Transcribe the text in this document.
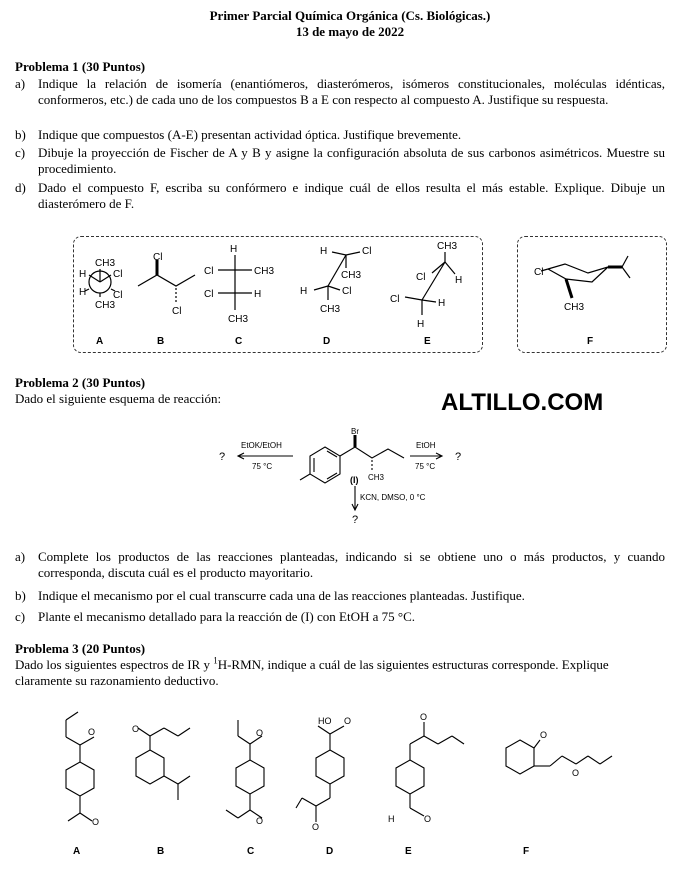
Primer Parcial Química Orgánica (Cs. Biológicas.)
13 de mayo de 2022
Problema 1 (30 Puntos)
a) Indique la relación de isomería (enantiómeros, diasterómeros, isómeros constitucionales, moléculas idénticas, conformeros, etc.) de cada uno de los compuestos B a E con respecto al compuesto A. Justifique su respuesta.
b) Indique que compuestos (A-E) presentan actividad óptica. Justifique brevemente.
c) Dibuje la proyección de Fischer de A y B y asigne la configuración absoluta de sus carbonos asimétricos. Muestre su procedimiento.
d) Dado el compuesto F, escriba su confórmero e indique cuál de ellos resulta el más estable. Explique. Dibuje un diasterómero de F.
CH3
H	Cl
H	Cl
CH3
Cl
Cl
H
Cl	CH3
Cl	H
CH3
H	Cl
CH3
H	Cl
CH3
CH3
Cl	H
Cl	H
H
Cl
CH3
A	B	C	D	E	F
Problema 2 (30 Puntos)
Dado el siguiente esquema de reacción:	ALTILLO.COM
EtOK/EtOH
75 °C
EtOH
75 °C
KCN, DMSO, 0 °C
Br
CH3
?	?
?
(I)
a) Complete los productos de las reacciones planteadas, indicando si se obtiene uno o más productos, y cuando corresponda, discuta cuál es el producto mayoritario.
b) Indique el mecanismo por el cual transcurre cada una de las reacciones planteadas. Justifique.
c) Plante el mecanismo detallado para la reacción de (I) con EtOH a 75 °C.
Problema 3 (20 Puntos)
Dado los siguientes espectros de IR y $^1$H-RMN, indique a cuál de las siguientes estructuras corresponde. Explique claramente su razonamiento deductivo.
O
O
O	O
O
HO O
O
O
H	O
O
O
A	B	C	D	E	F
